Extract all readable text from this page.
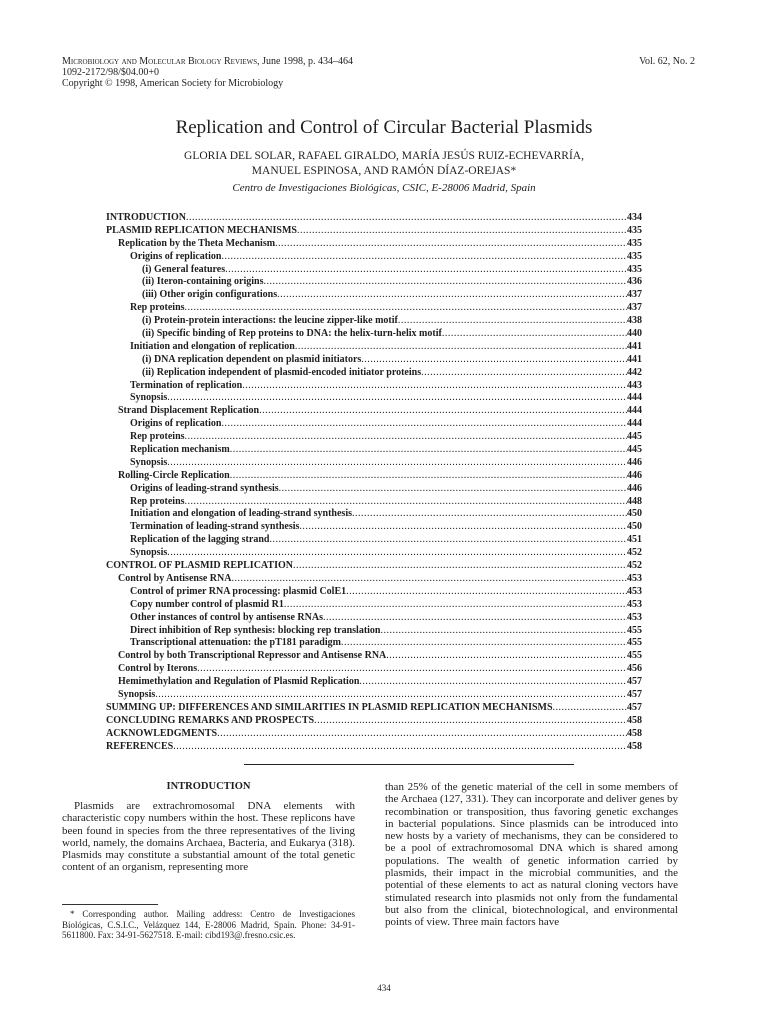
Microbiology and Molecular Biology Reviews, June 1998, p. 434–464
1092-2172/98/$04.00+0
Copyright © 1998, American Society for Microbiology
Vol. 62, No. 2
Replication and Control of Circular Bacterial Plasmids
GLORIA DEL SOLAR, RAFAEL GIRALDO, MARÍA JESÚS RUIZ-ECHEVARRÍA,
MANUEL ESPINOSA, AND RAMÓN DÍAZ-OREJAS*
Centro de Investigaciones Biológicas, CSIC, E-28006 Madrid, Spain
INTRODUCTION .....	434
PLASMID REPLICATION MECHANISMS .....	435
Replication by the Theta Mechanism .....	435
Origins of replication .....	435
(i) General features .....	435
(ii) Iteron-containing origins .....	436
(iii) Other origin configurations .....	437
Rep proteins .....	437
(i) Protein-protein interactions: the leucine zipper-like motif .....	438
(ii) Specific binding of Rep proteins to DNA: the helix-turn-helix motif .....	440
Initiation and elongation of replication .....	441
(i) DNA replication dependent on plasmid initiators .....	441
(ii) Replication independent of plasmid-encoded initiator proteins .....	442
Termination of replication .....	443
Synopsis .....	444
Strand Displacement Replication .....	444
Origins of replication .....	444
Rep proteins .....	445
Replication mechanism .....	445
Synopsis .....	446
Rolling-Circle Replication .....	446
Origins of leading-strand synthesis .....	446
Rep proteins .....	448
Initiation and elongation of leading-strand synthesis .....	450
Termination of leading-strand synthesis .....	450
Replication of the lagging strand .....	451
Synopsis .....	452
CONTROL OF PLASMID REPLICATION .....	452
Control by Antisense RNA .....	453
Control of primer RNA processing: plasmid ColE1 .....	453
Copy number control of plasmid R1 .....	453
Other instances of control by antisense RNAs .....	453
Direct inhibition of Rep synthesis: blocking rep translation .....	455
Transcriptional attenuation: the pT181 paradigm .....	455
Control by both Transcriptional Repressor and Antisense RNA .....	455
Control by Iterons .....	456
Hemimethylation and Regulation of Plasmid Replication .....	457
Synopsis .....	457
SUMMING UP: DIFFERENCES AND SIMILARITIES IN PLASMID REPLICATION MECHANISMS .....	457
CONCLUDING REMARKS AND PROSPECTS .....	458
ACKNOWLEDGMENTS .....	458
REFERENCES .....	458
INTRODUCTION

Plasmids are extrachromosomal DNA elements with characteristic copy numbers within the host. These replicons have been found in species from the three representatives of the living world, namely, the domains Archaea, Bacteria, and Eukarya (318). Plasmids may constitute a substantial amount of the total genetic content of an organism, representing more

than 25% of the genetic material of the cell in some members of the Archaea (127, 331). They can incorporate and deliver genes by recombination or transposition, thus favoring genetic exchanges in bacterial populations. Since plasmids can be introduced into new hosts by a variety of mechanisms, they can be considered to be a pool of extrachromosomal DNA which is shared among populations. The wealth of genetic information carried by plasmids, their impact in the microbial communities, and the potential of these elements to act as natural cloning vectors have stimulated research into plasmids not only from the fundamental but also from the clinical, biotechnological, and environmental points of view. Three main factors have

* Corresponding author. Mailing address: Centro de Investigaciones Biológicas, C.S.I.C., Velázquez 144, E-28006 Madrid, Spain. Phone: 34-91-5611800. Fax: 34-91-5627518. E-mail: cibd193@.fresno.csic.es.
434
